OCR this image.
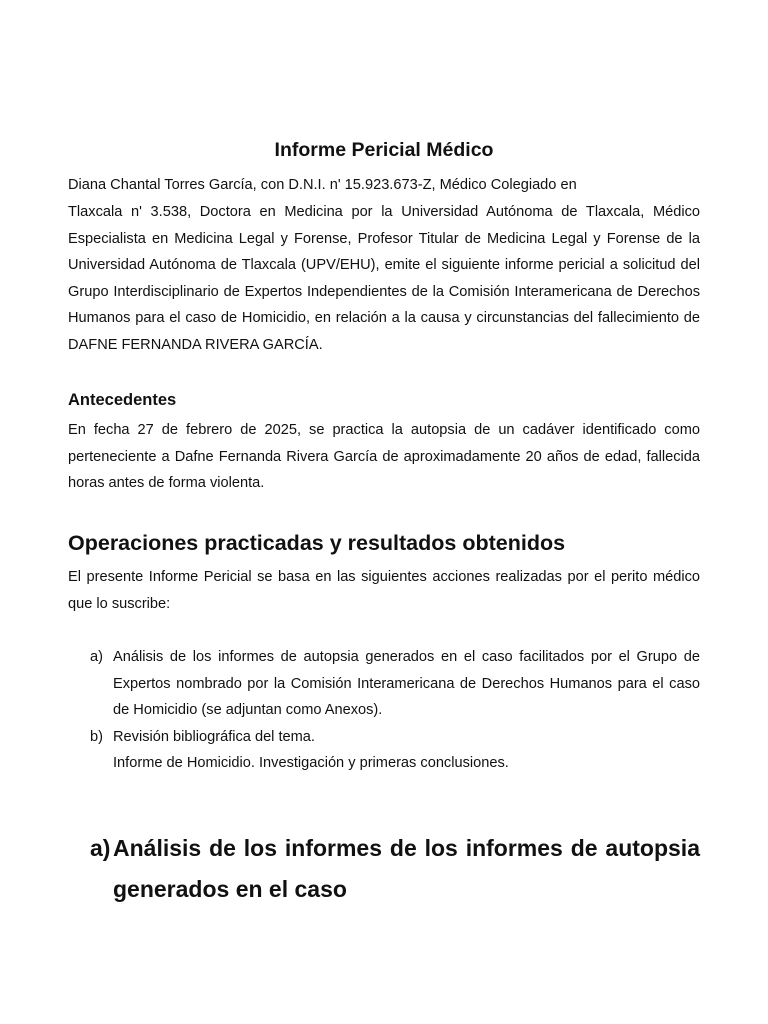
Informe Pericial Médico

Diana Chantal Torres García, con D.N.I. n' 15.923.673-Z, Médico Colegiado en

Tlaxcala n' 3.538, Doctora en Medicina por la Universidad Autónoma de Tlaxcala, Médico Especialista en Medicina Legal y Forense, Profesor Titular de Medicina Legal y Forense de la Universidad Autónoma de Tlaxcala (UPV/EHU), emite el siguiente informe pericial a solicitud del Grupo Interdisciplinario de Expertos Independientes de la Comisión Interamericana de Derechos Humanos para el caso de Homicidio, en relación a la causa y circunstancias del fallecimiento de DAFNE FERNANDA RIVERA GARCÍA.

Antecedentes

En fecha 27 de febrero de 2025, se practica la autopsia de un cadáver identificado como perteneciente a Dafne Fernanda Rivera García de aproximadamente 20 años de edad, fallecida horas antes de forma violenta.

Operaciones practicadas y resultados obtenidos

El presente Informe Pericial se basa en las siguientes acciones realizadas por el perito médico que lo suscribe:

a) Análisis de los informes de autopsia generados en el caso facilitados por el Grupo de Expertos nombrado por la Comisión Interamericana de Derechos Humanos para el caso de Homicidio (se adjuntan como Anexos).
b) Revisión bibliográfica del tema.
Informe de Homicidio. Investigación y primeras conclusiones.
a) Análisis de los informes de los informes de autopsia generados en el caso
